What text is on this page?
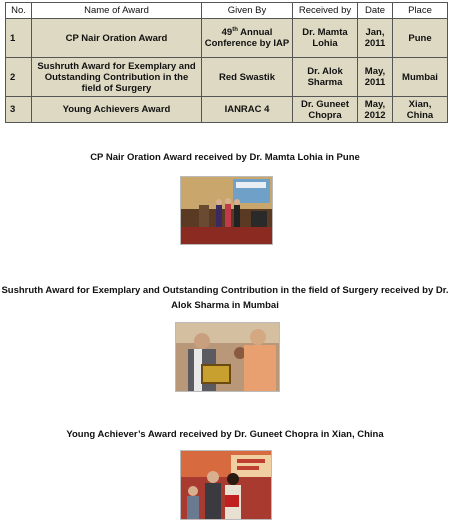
No.	Name of Award	Given By	Received by	Date	Place
1	CP Nair Oration Award	49th Annual Conference by IAP	Dr. Mamta Lohia	Jan, 2011	Pune
2	Sushruth Award for Exemplary and Outstanding Contribution in the field of Surgery	Red Swastik	Dr. Alok Sharma	May, 2011	Mumbai
3	Young Achievers Award	IANRAC 4	Dr. Guneet Chopra	May, 2012	Xian, China
CP Nair Oration Award received by Dr. Mamta Lohia in Pune
Sushruth Award for Exemplary and Outstanding Contribution in the field of Surgery received by Dr. Alok Sharma in Mumbai
Young Achiever’s Award received by Dr. Guneet Chopra in Xian, China
